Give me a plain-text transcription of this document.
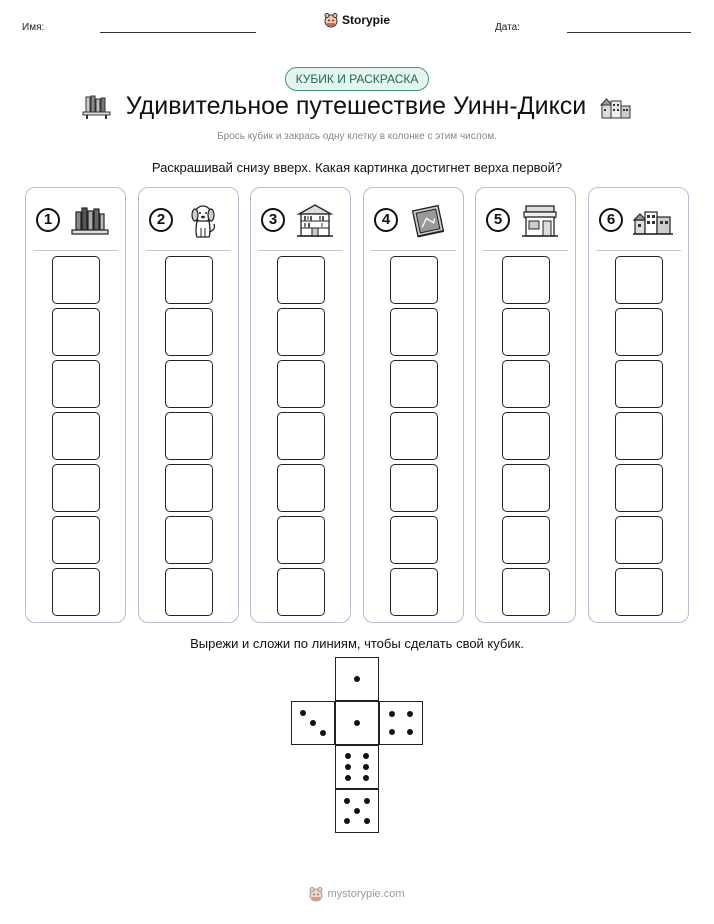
Имя:	Дата:
Storypie
КУБИК И РАСКРАСКА
Удивительное путешествие Уинн-Дикси
Брось кубик и закрась одну клетку в колонке с этим числом.
Раскрашивай снизу вверх. Какая картинка достигнет верха первой?
1	2	3	4	5	6
Вырежи и сложи по линиям, чтобы сделать свой кубик.
mystorypie.com
